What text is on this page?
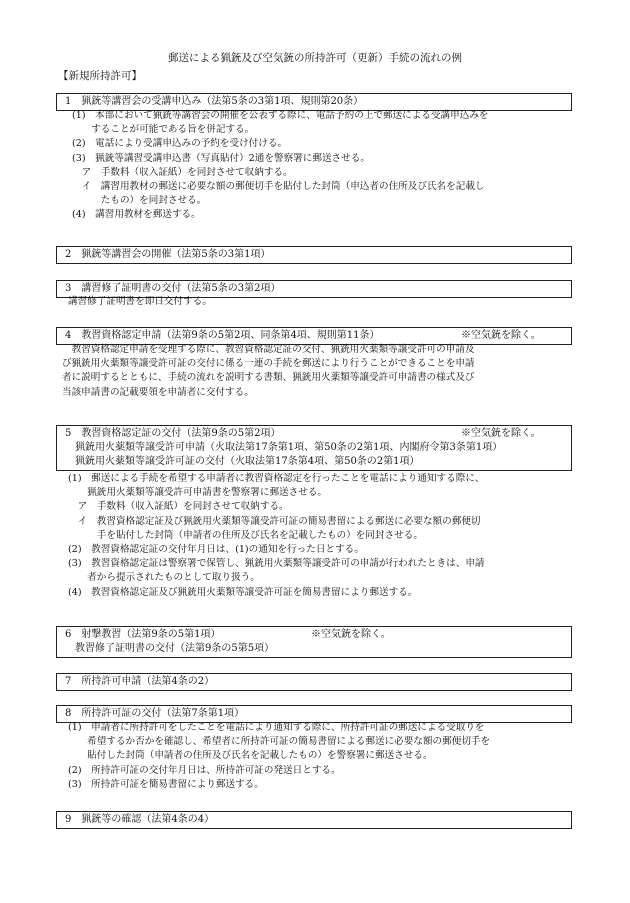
郵送による猟銃及び空気銃の所持許可（更新）手続の流れの例
【新規所持許可】
1　猟銃等講習会の受講申込み（法第5条の3第1項、規則第20条）
(1)　本部において猟銃等講習会の開催を公表する際に、電話予約の上で郵送による受講申込みを
　　することが可能である旨を併記する。
(2)　電話により受講申込みの予約を受け付ける。
(3)　猟銃等講習受講申込書（写真貼付）2通を警察署に郵送させる。
　ア　手数料（収入証紙）を同封させて収納する。
　イ　講習用教材の郵送に必要な額の郵便切手を貼付した封筒（申込者の住所及び氏名を記載し
　　　たもの）を同封させる。
(4)　講習用教材を郵送する。
2　猟銃等講習会の開催（法第5条の3第1項）
3　講習修了証明書の交付（法第5条の3第2項）
講習修了証明書を即日交付する。
4　教習資格認定申請（法第9条の5第2項、同条第4項、規則第11条）	※空気銃を除く。
　教習資格認定申請を受理する際に、教習資格認定証の交付、猟銃用火薬類等譲受許可の申請及
び猟銃用火薬類等譲受許可証の交付に係る一連の手続を郵送により行うことができることを申請
者に説明するとともに、手続の流れを説明する書類、猟銃用火薬類等譲受許可申請書の様式及び
当該申請書の記載要領を申請者に交付する。
5　教習資格認定証の交付（法第9条の5第2項）	※空気銃を除く。
　猟銃用火薬類等譲受許可申請（火取法第17条第1項、第50条の2第1項、内閣府令第3条第1項）
　猟銃用火薬類等譲受許可証の交付（火取法第17条第4項、第50条の2第1項）
(1)　郵送による手続を希望する申請者に教習資格認定を行ったことを電話により通知する際に、
　　猟銃用火薬類等譲受許可申請書を警察署に郵送させる。
　ア　手数料（収入証紙）を同封させて収納する。
　イ　教習資格認定証及び猟銃用火薬類等譲受許可証の簡易書留による郵送に必要な額の郵便切
　　　手を貼付した封筒（申請者の住所及び氏名を記載したもの）を同封させる。
(2)　教習資格認定証の交付年月日は、(1)の通知を行った日とする。
(3)　教習資格認定証は警察署で保管し、猟銃用火薬類等譲受許可の申請が行われたときは、申請
　　者から提示されたものとして取り扱う。
(4)　教習資格認定証及び猟銃用火薬類等譲受許可証を簡易書留により郵送する。
6　射撃教習（法第9条の5第1項）	※空気銃を除く。
　教習修了証明書の交付（法第9条の5第5項）
7　所持許可申請（法第4条の2）
8　所持許可証の交付（法第7条第1項）
(1)　申請者に所持許可をしたことを電話により通知する際に、所持許可証の郵送による受取りを
　　希望するか否かを確認し、希望者に所持許可証の簡易書留による郵送に必要な額の郵便切手を
　　貼付した封筒（申請者の住所及び氏名を記載したもの）を警察署に郵送させる。
(2)　所持許可証の交付年月日は、所持許可証の発送日とする。
(3)　所持許可証を簡易書留により郵送する。
9　猟銃等の確認（法第4条の4）
